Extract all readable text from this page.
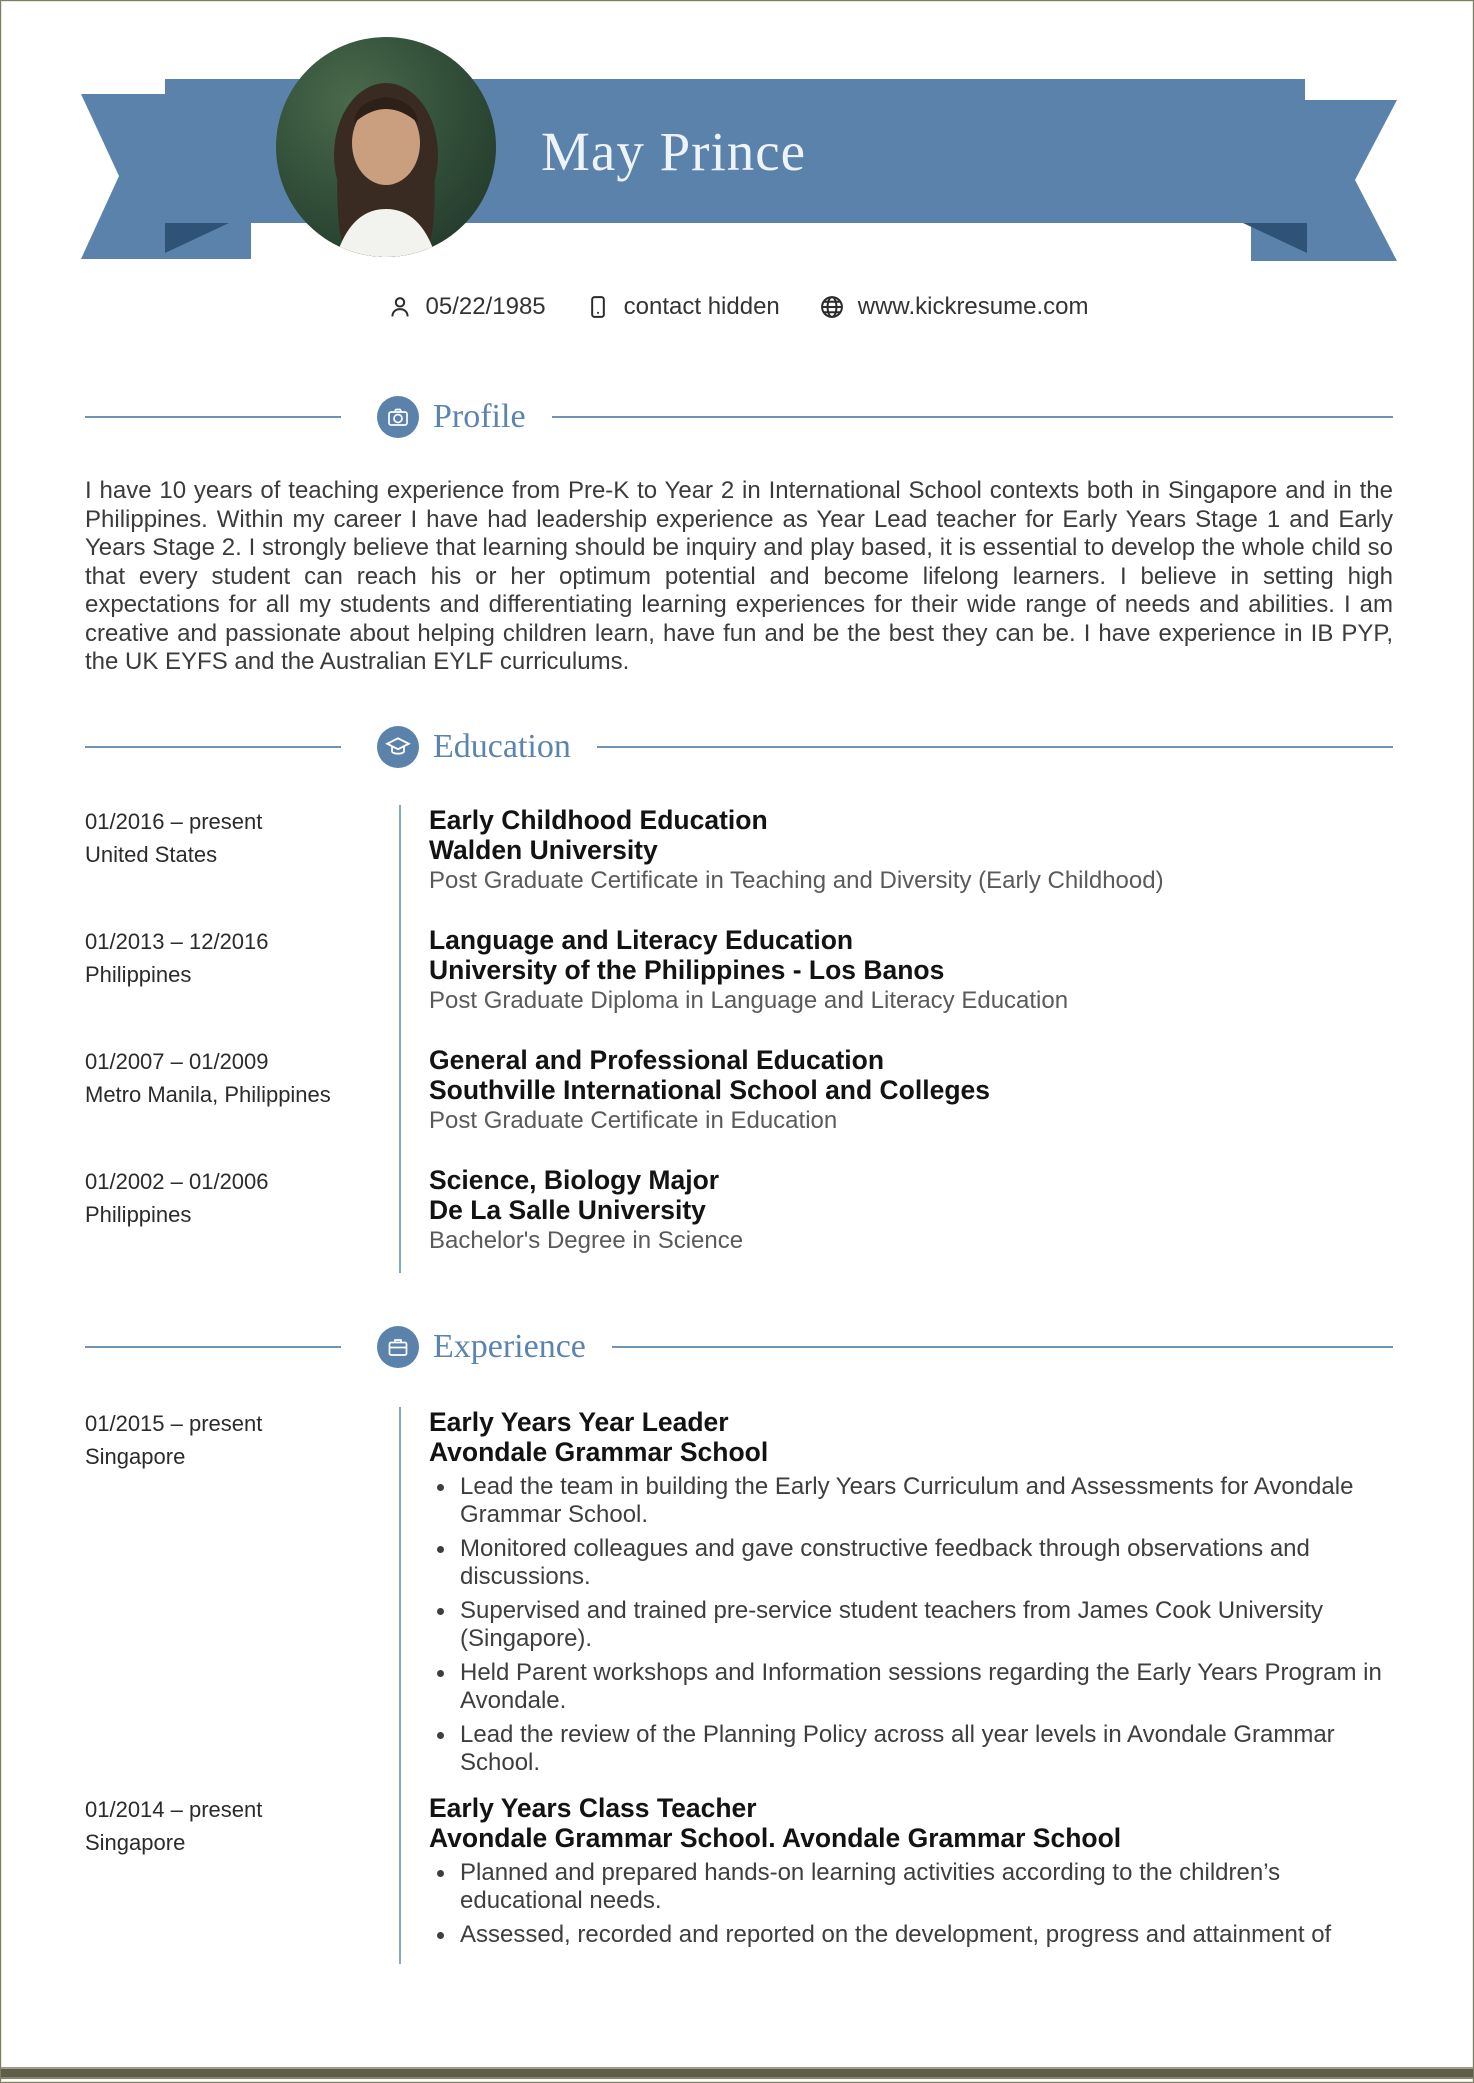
May Prince
05/22/1985	contact hidden	www.kickresume.com
Profile
I have 10 years of teaching experience from Pre-K to Year 2 in International School contexts both in Singapore and in the Philippines. Within my career I have had leadership experience as Year Lead teacher for Early Years Stage 1 and Early Years Stage 2. I strongly believe that learning should be inquiry and play based, it is essential to develop the whole child so that every student can reach his or her optimum potential and become lifelong learners. I believe in setting high expectations for all my students and differentiating learning experiences for their wide range of needs and abilities. I am creative and passionate about helping children learn, have fun and be the best they can be. I have experience in IB PYP, the UK EYFS and the Australian EYLF curriculums.
Education
01/2016 – present
United States
Early Childhood Education
Walden University
Post Graduate Certificate in Teaching and Diversity (Early Childhood)
01/2013 – 12/2016
Philippines
Language and Literacy Education
University of the Philippines - Los Banos
Post Graduate Diploma in Language and Literacy Education
01/2007 – 01/2009
Metro Manila, Philippines
General and Professional Education
Southville International School and Colleges
Post Graduate Certificate in Education
01/2002 – 01/2006
Philippines
Science, Biology Major
De La Salle University
Bachelor's Degree in Science
Experience
01/2015 – present
Singapore
Early Years Year Leader
Avondale Grammar School
Lead the team in building the Early Years Curriculum and Assessments for Avondale Grammar School.
Monitored colleagues and gave constructive feedback through observations and discussions.
Supervised and trained pre-service student teachers from James Cook University (Singapore).
Held Parent workshops and Information sessions regarding the Early Years Program in Avondale.
Lead the review of the Planning Policy across all year levels in Avondale Grammar School.
01/2014 – present
Singapore
Early Years Class Teacher
Avondale Grammar School. Avondale Grammar School
Planned and prepared hands-on learning activities according to the children’s educational needs.
Assessed, recorded and reported on the development, progress and attainment of
